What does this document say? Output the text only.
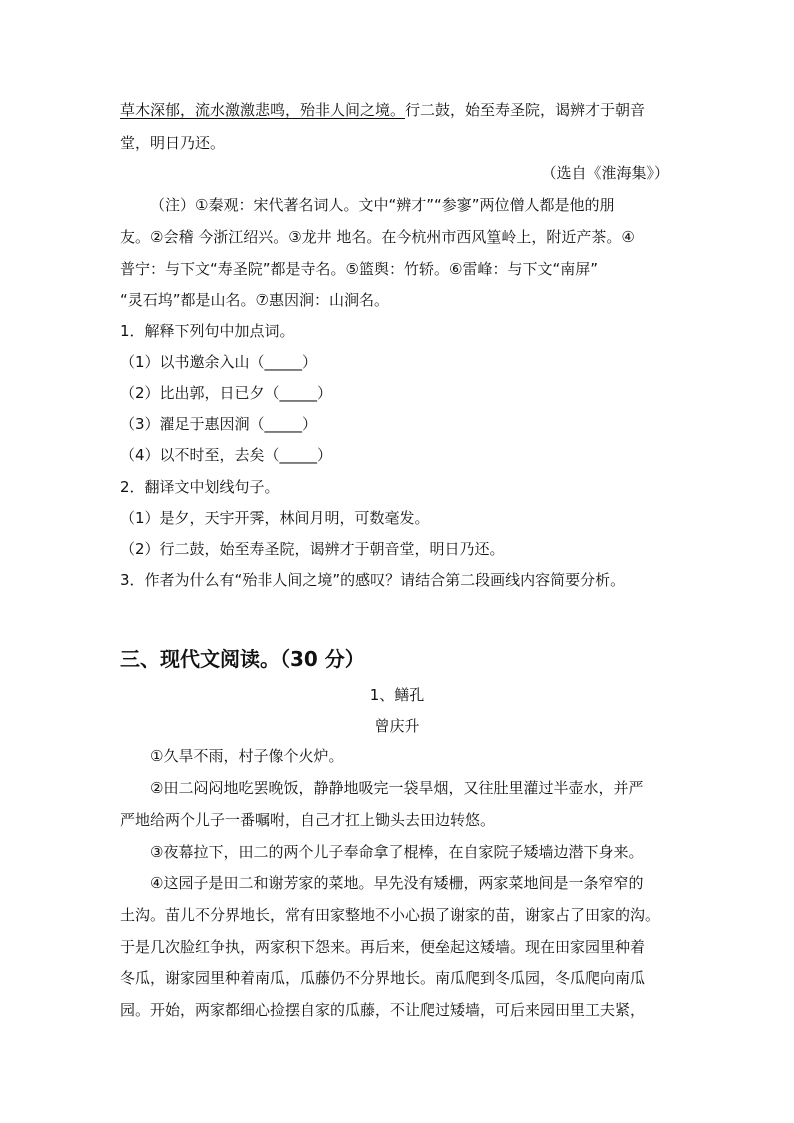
草木深郁，流水激激悲鸣，殆非人间之境。行二鼓，始至寿圣院，谒辨才于朝音
堂，明日乃还。
（选自《淮海集》）
（注）①秦观：宋代著名词人。文中“辨才”“参寥”两位僧人都是他的朋
友。②会稽 今浙江绍兴。③龙井 地名。在今杭州市西风篁岭上，附近产茶。④
普宁：与下文“寿圣院”都是寺名。⑤篮舆：竹轿。⑥雷峰：与下文“南屏”
“灵石坞”都是山名。⑦惠因涧：山涧名。
1．解释下列句中加点词。
（1）以书邀余入山（_____）
（2）比出郭，日已夕（_____）
（3）濯足于惠因涧（_____）
（4）以不时至，去矣（_____）
2．翻译文中划线句子。
（1）是夕，天宇开霁，林间月明，可数毫发。
（2）行二鼓，始至寿圣院，谒辨才于朝音堂，明日乃还。
3．作者为什么有“殆非人间之境”的感叹？请结合第二段画线内容简要分析。
三、现代文阅读。（30 分）
1、鳝孔
曾庆升
①久旱不雨，村子像个火炉。
②田二闷闷地吃罢晚饭，静静地吸完一袋旱烟，又往肚里灌过半壶水，并严
严地给两个儿子一番嘱咐，自己才扛上锄头去田边转悠。
③夜幕拉下，田二的两个儿子奉命拿了棍棒，在自家院子矮墙边潜下身来。
④这园子是田二和谢芳家的菜地。早先没有矮栅，两家菜地间是一条窄窄的
土沟。苗儿不分界地长，常有田家整地不小心损了谢家的苗，谢家占了田家的沟。
于是几次脸红争执，两家积下怨来。再后来，便垒起这矮墙。现在田家园里种着
冬瓜，谢家园里种着南瓜，瓜藤仍不分界地长。南瓜爬到冬瓜园，冬瓜爬向南瓜
园。开始，两家都细心捡摆自家的瓜藤，不让爬过矮墙，可后来园田里工夫紧，
